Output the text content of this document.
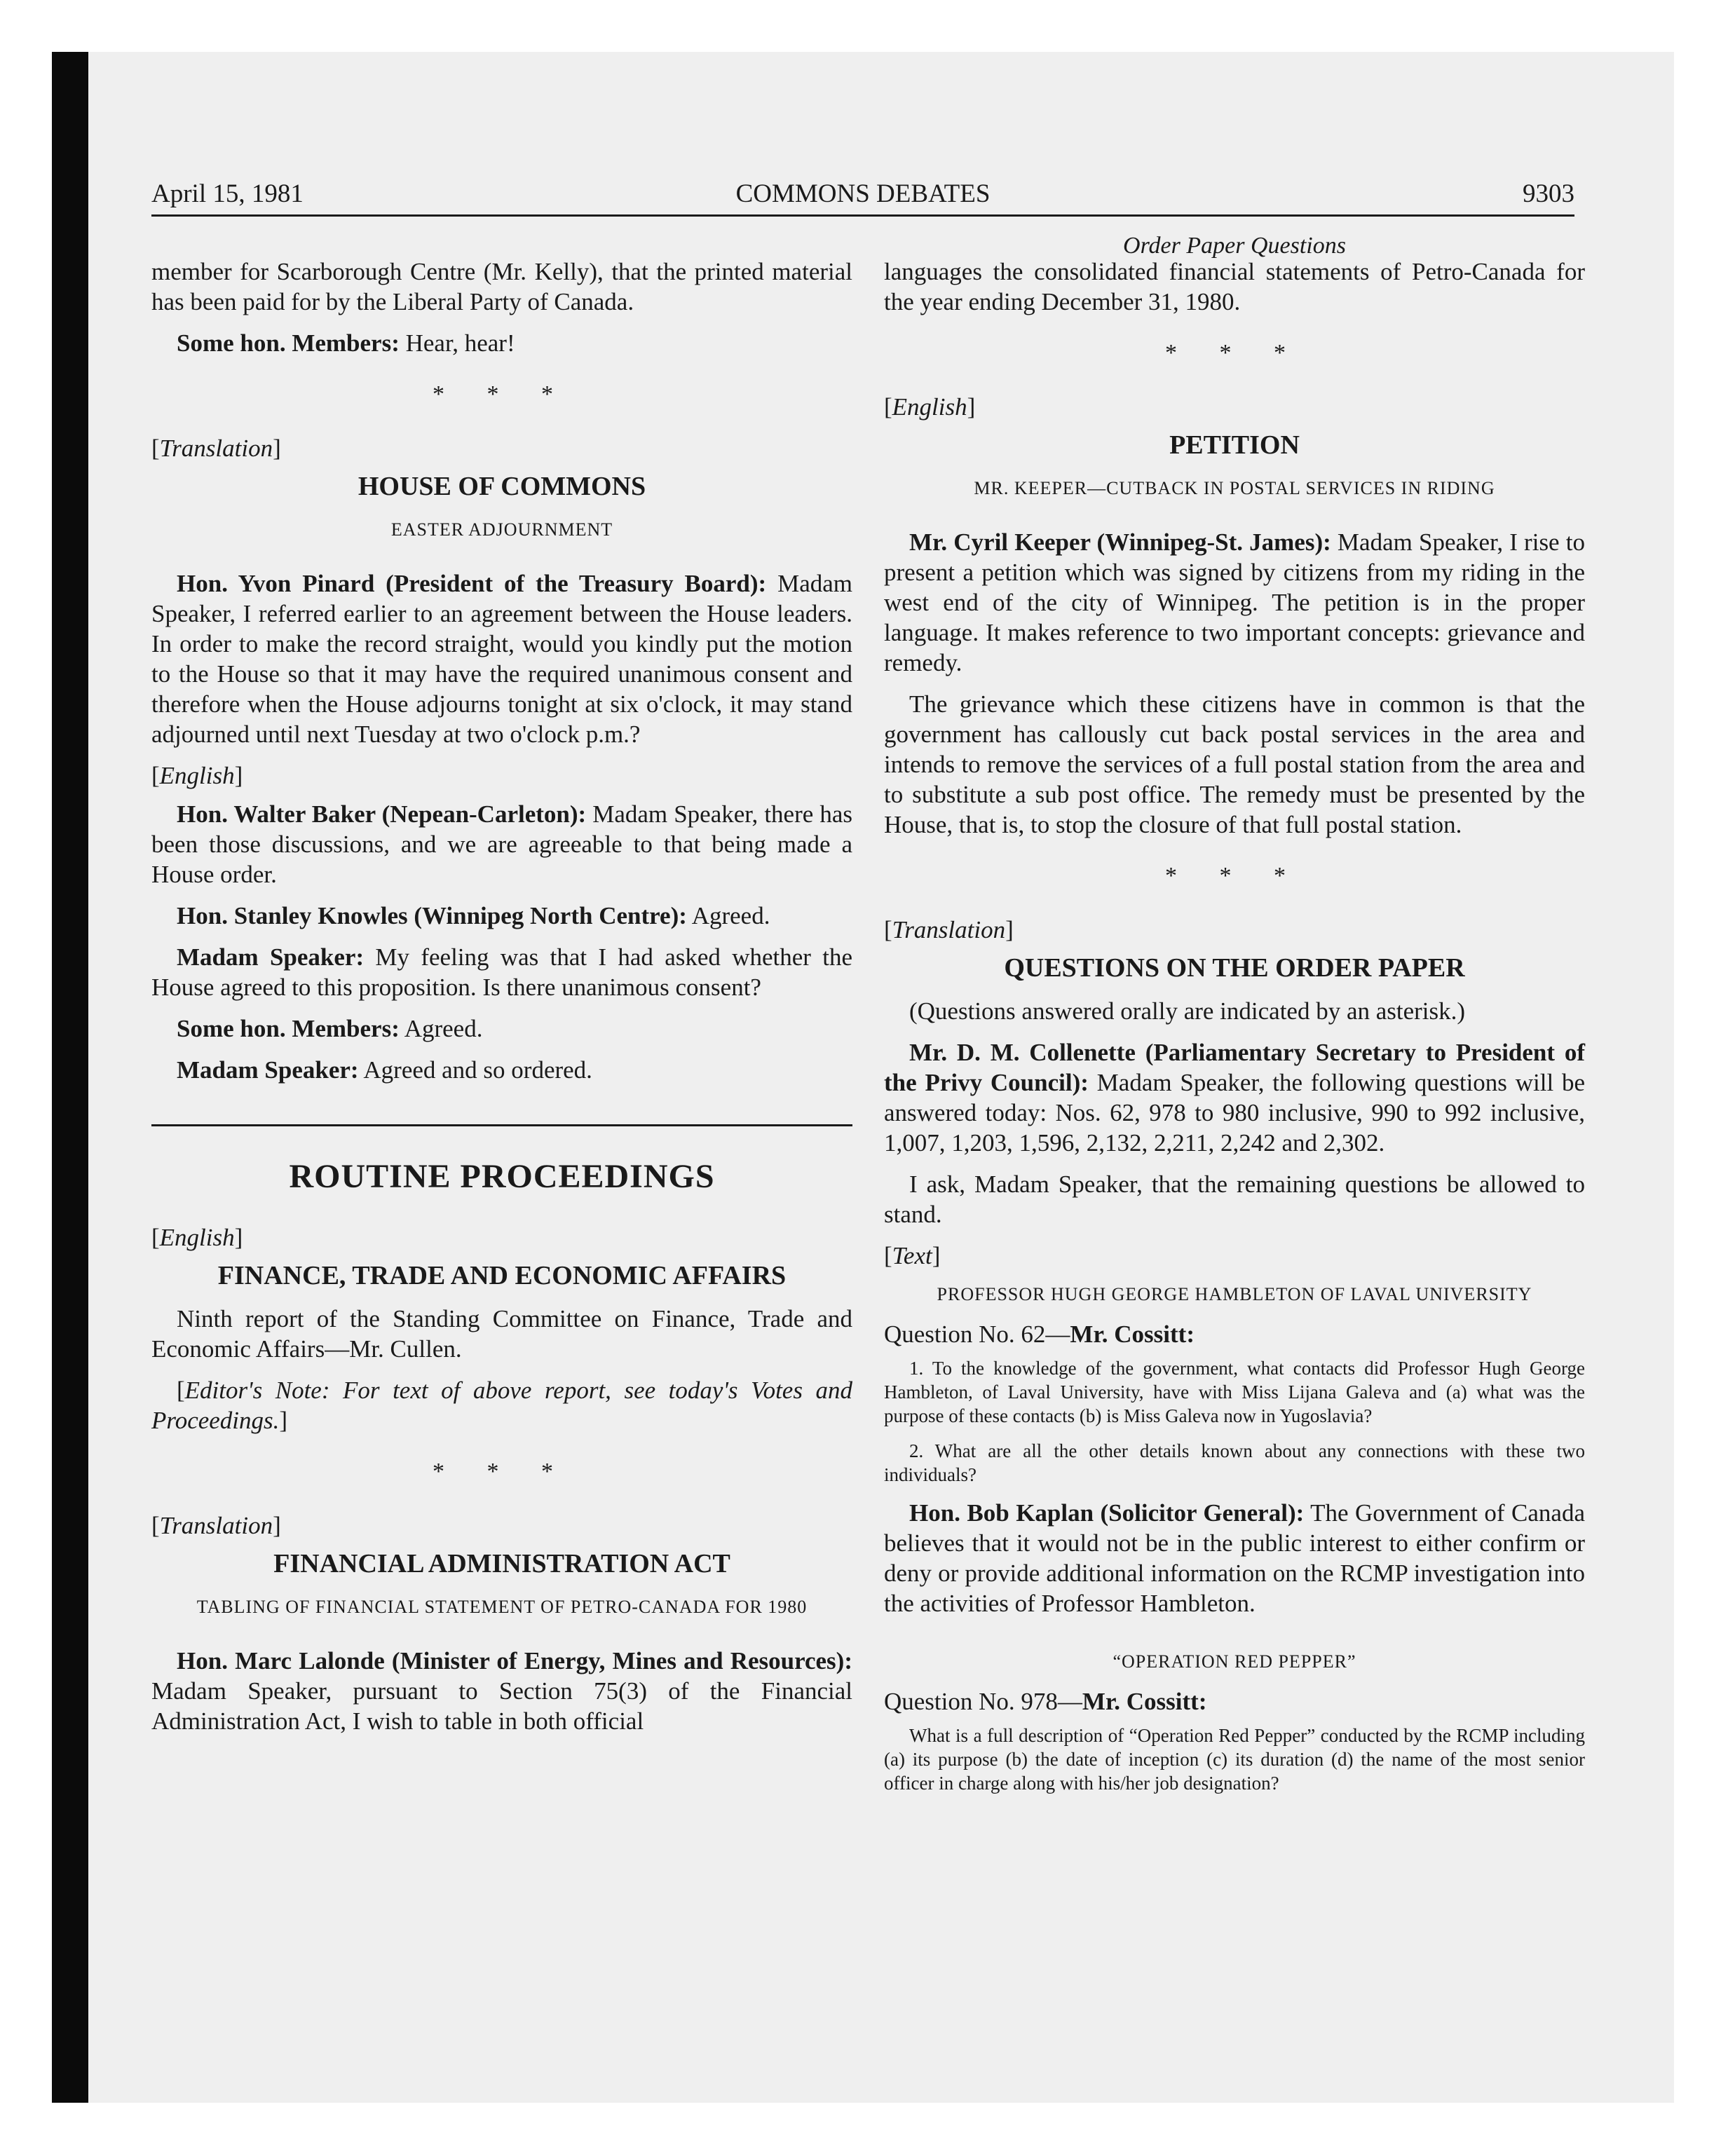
April 15, 1981	COMMONS DEBATES	9303
Order Paper Questions

member for Scarborough Centre (Mr. Kelly), that the printed material has been paid for by the Liberal Party of Canada.

Some hon. Members: Hear, hear!

* * *
[Translation]
HOUSE OF COMMONS
EASTER ADJOURNMENT

Hon. Yvon Pinard (President of the Treasury Board): Madam Speaker, I referred earlier to an agreement between the House leaders. In order to make the record straight, would you kindly put the motion to the House so that it may have the required unanimous consent and therefore when the House adjourns tonight at six o'clock, it may stand adjourned until next Tuesday at two o'clock p.m.?

[English]

Hon. Walter Baker (Nepean-Carleton): Madam Speaker, there has been those discussions, and we are agreeable to that being made a House order.

Hon. Stanley Knowles (Winnipeg North Centre): Agreed.

Madam Speaker: My feeling was that I had asked whether the House agreed to this proposition. Is there unanimous consent?

Some hon. Members: Agreed.

Madam Speaker: Agreed and so ordered.

ROUTINE PROCEEDINGS
[English]
FINANCE, TRADE AND ECONOMIC AFFAIRS

Ninth report of the Standing Committee on Finance, Trade and Economic Affairs—Mr. Cullen.

[Editor's Note: For text of above report, see today's Votes and Proceedings.]

* * *
[Translation]
FINANCIAL ADMINISTRATION ACT
TABLING OF FINANCIAL STATEMENT OF PETRO-CANADA FOR 1980

Hon. Marc Lalonde (Minister of Energy, Mines and Resources): Madam Speaker, pursuant to Section 75(3) of the Financial Administration Act, I wish to table in both official

languages the consolidated financial statements of Petro-Canada for the year ending December 31, 1980.

* * *
[English]
PETITION
MR. KEEPER—CUTBACK IN POSTAL SERVICES IN RIDING

Mr. Cyril Keeper (Winnipeg-St. James): Madam Speaker, I rise to present a petition which was signed by citizens from my riding in the west end of the city of Winnipeg. The petition is in the proper language. It makes reference to two important concepts: grievance and remedy.

The grievance which these citizens have in common is that the government has callously cut back postal services in the area and intends to remove the services of a full postal station from the area and to substitute a sub post office. The remedy must be presented by the House, that is, to stop the closure of that full postal station.

* * *
[Translation]
QUESTIONS ON THE ORDER PAPER

(Questions answered orally are indicated by an asterisk.)

Mr. D. M. Collenette (Parliamentary Secretary to President of the Privy Council): Madam Speaker, the following questions will be answered today: Nos. 62, 978 to 980 inclusive, 990 to 992 inclusive, 1,007, 1,203, 1,596, 2,132, 2,211, 2,242 and 2,302.

I ask, Madam Speaker, that the remaining questions be allowed to stand.

[Text]
PROFESSOR HUGH GEORGE HAMBLETON OF LAVAL UNIVERSITY
Question No. 62—Mr. Cossitt:

1. To the knowledge of the government, what contacts did Professor Hugh George Hambleton, of Laval University, have with Miss Lijana Galeva and (a) what was the purpose of these contacts (b) is Miss Galeva now in Yugoslavia?

2. What are all the other details known about any connections with these two individuals?

Hon. Bob Kaplan (Solicitor General): The Government of Canada believes that it would not be in the public interest to either confirm or deny or provide additional information on the RCMP investigation into the activities of Professor Hambleton.

“OPERATION RED PEPPER”
Question No. 978—Mr. Cossitt:

What is a full description of “Operation Red Pepper” conducted by the RCMP including (a) its purpose (b) the date of inception (c) its duration (d) the name of the most senior officer in charge along with his/her job designation?
